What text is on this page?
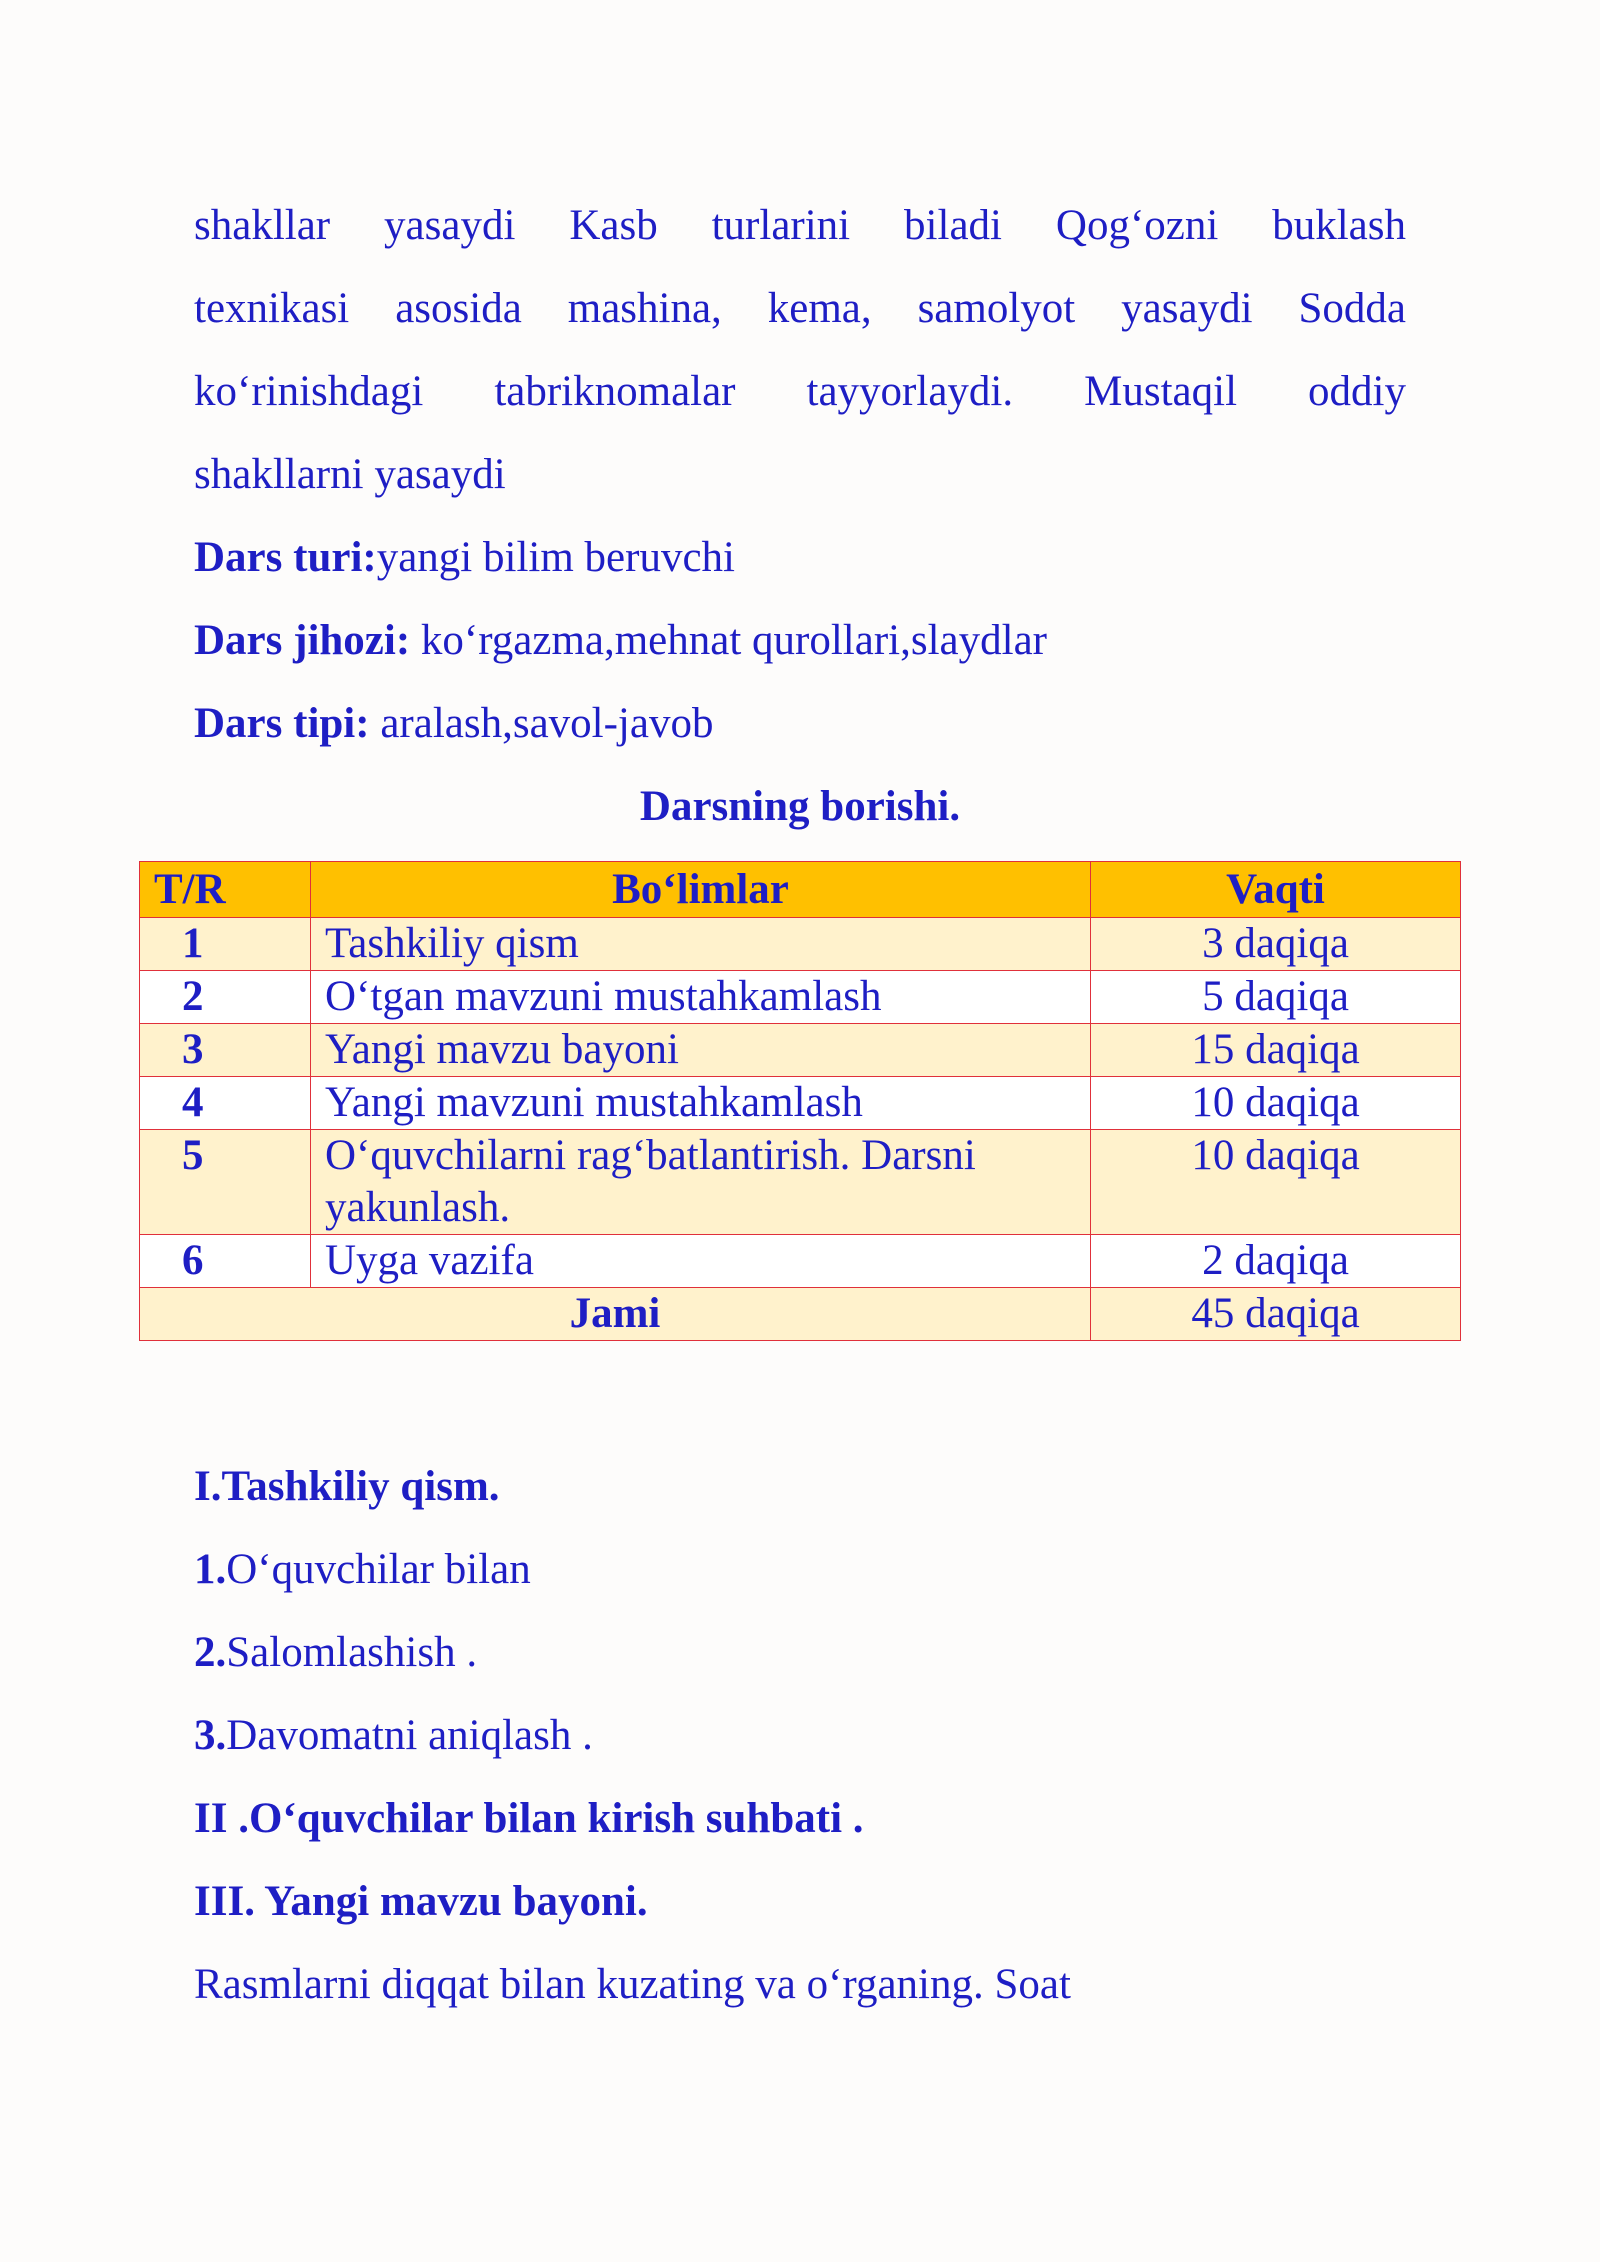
shakllar yasaydi Kasb turlarini biladi Qog‘ozni buklash
texnikasi asosida mashina, kema, samolyot yasaydi Sodda
ko‘rinishdagi tabriknomalar tayyorlaydi. Mustaqil oddiy
shakllarni yasaydi
Dars turi:yangi bilim beruvchi
Dars jihozi: ko‘rgazma,mehnat qurollari,slaydlar
Dars tipi: aralash,savol-javob
Darsning borishi.
T/R	Bo‘limlar	Vaqti
1	Tashkiliy qism	3 daqiqa
2	O‘tgan mavzuni mustahkamlash	5 daqiqa
3	Yangi mavzu bayoni	15 daqiqa
4	Yangi mavzuni mustahkamlash	10 daqiqa
5	O‘quvchilarni rag‘batlantirish. Darsni yakunlash.	10 daqiqa
6	Uyga vazifa	2 daqiqa
Jami		45 daqiqa
I.Tashkiliy qism.
1.O‘quvchilar bilan
2.Salomlashish .
3.Davomatni aniqlash .
II .O‘quvchilar bilan kirish suhbati .
III. Yangi mavzu bayoni.
Rasmlarni diqqat bilan kuzating va o‘rganing. Soat
